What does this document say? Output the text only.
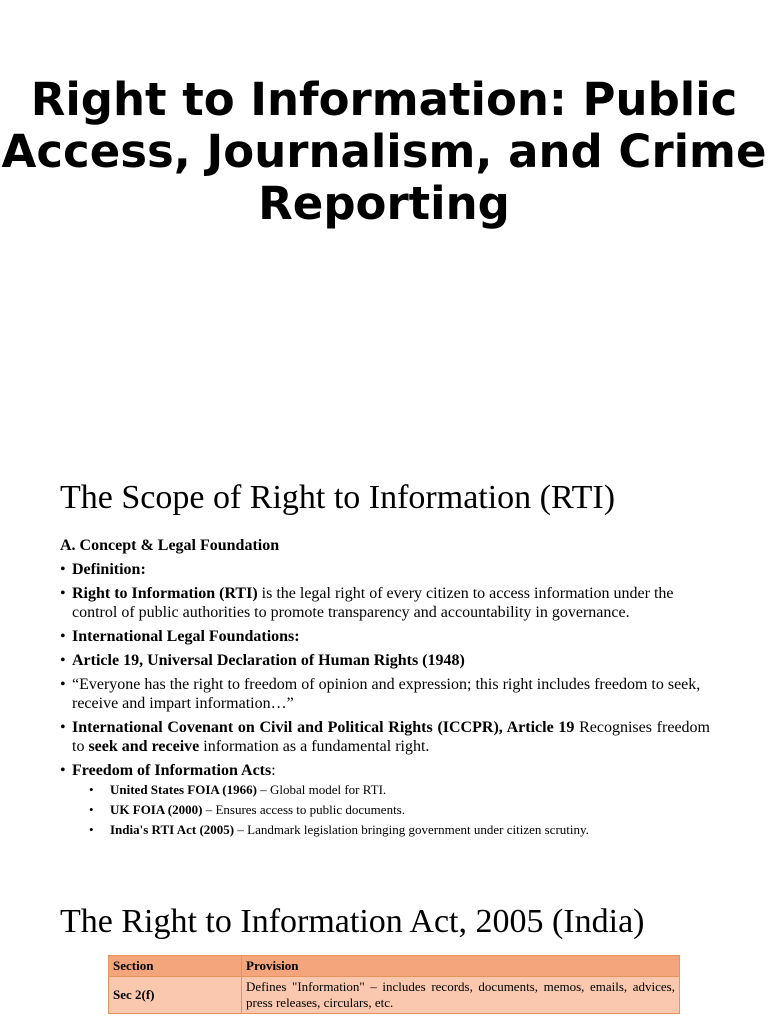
Right to Information: Public Access, Journalism, and Crime Reporting
The Scope of Right to Information (RTI)

A. Concept & Legal Foundation

• Definition:
• Right to Information (RTI) is the legal right of every citizen to access information under the control of public authorities to promote transparency and accountability in governance.
• International Legal Foundations:
• Article 19, Universal Declaration of Human Rights (1948)
• “Everyone has the right to freedom of opinion and expression; this right includes freedom to seek, receive and impart information…”
• International Covenant on Civil and Political Rights (ICCPR), Article 19 Recognises freedom to seek and receive information as a fundamental right.
• Freedom of Information Acts:
• United States FOIA (1966) – Global model for RTI.
• UK FOIA (2000) – Ensures access to public documents.
• India's RTI Act (2005) – Landmark legislation bringing government under citizen scrutiny.
The Right to Information Act, 2005 (India)
Section	Provision
Sec 2(f)	Defines "Information" – includes records, documents, memos, emails, advices, press releases, circulars, etc.
